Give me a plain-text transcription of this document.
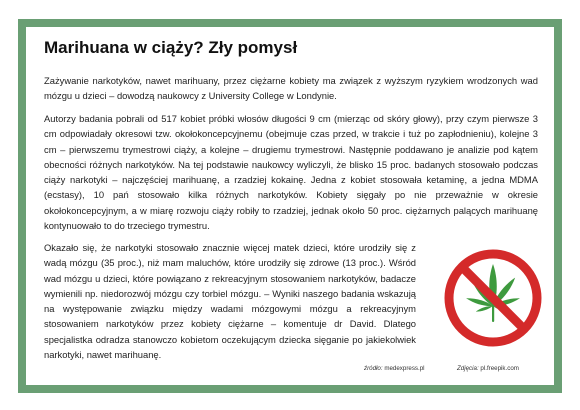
Marihuana w ciąży? Zły pomysł

Zażywanie narkotyków, nawet marihuany, przez ciężarne kobiety ma związek z wyższym ryzykiem wrodzonych wad mózgu u dzieci – dowodzą naukowcy z University College w Londynie.

Autorzy badania pobrali od 517 kobiet próbki włosów długości 9 cm (mierząc od skóry głowy), przy czym pierwsze 3 cm odpowiadały okresowi tzw. okołokoncepcyjnemu (obejmuje czas przed, w trakcie i tuż po zapłodnieniu), kolejne 3 cm – pierwszemu trymestrowi ciąży, a kolejne – drugiemu trymestrowi. Następnie poddawano je analizie pod kątem obecności różnych narkotyków. Na tej podstawie naukowcy wyliczyli, że blisko 15 proc. badanych stosowało podczas ciąży narkotyki – najczęściej marihuanę, a rzadziej kokainę. Jedna z kobiet stosowała ketaminę, a jedna MDMA (ecstasy), 10 pań stosowało kilka różnych narkotyków. Kobiety sięgały po nie przeważnie w okresie okołokoncepcyjnym, a w miarę rozwoju ciąży robiły to rzadziej, jednak około 50 proc. ciężarnych palących marihuanę kontynuowało to do trzeciego trymestru.

Okazało się, że narkotyki stosowało znacznie więcej matek dzieci, które urodziły się z wadą mózgu (35 proc.), niż mam maluchów, które urodziły się zdrowe (13 proc.). Wśród wad mózgu u dzieci, które powiązano z rekreacyjnym stosowaniem narkotyków, badacze wymienili np. niedorozwój mózgu czy torbiel mózgu. – Wyniki naszego badania wskazują na występowanie związku między wadami mózgowymi mózgu a rekreacyjnym stosowaniem narkotyków przez kobiety ciężarne – komentuje dr David. Dlatego specjalistka odradza stanowczo kobietom oczekującym dziecka sięganie po jakiekolwiek narkotyki, nawet marihuanę.

źródło: medexpress.pl	Zdjęcia: pl.freepik.com
